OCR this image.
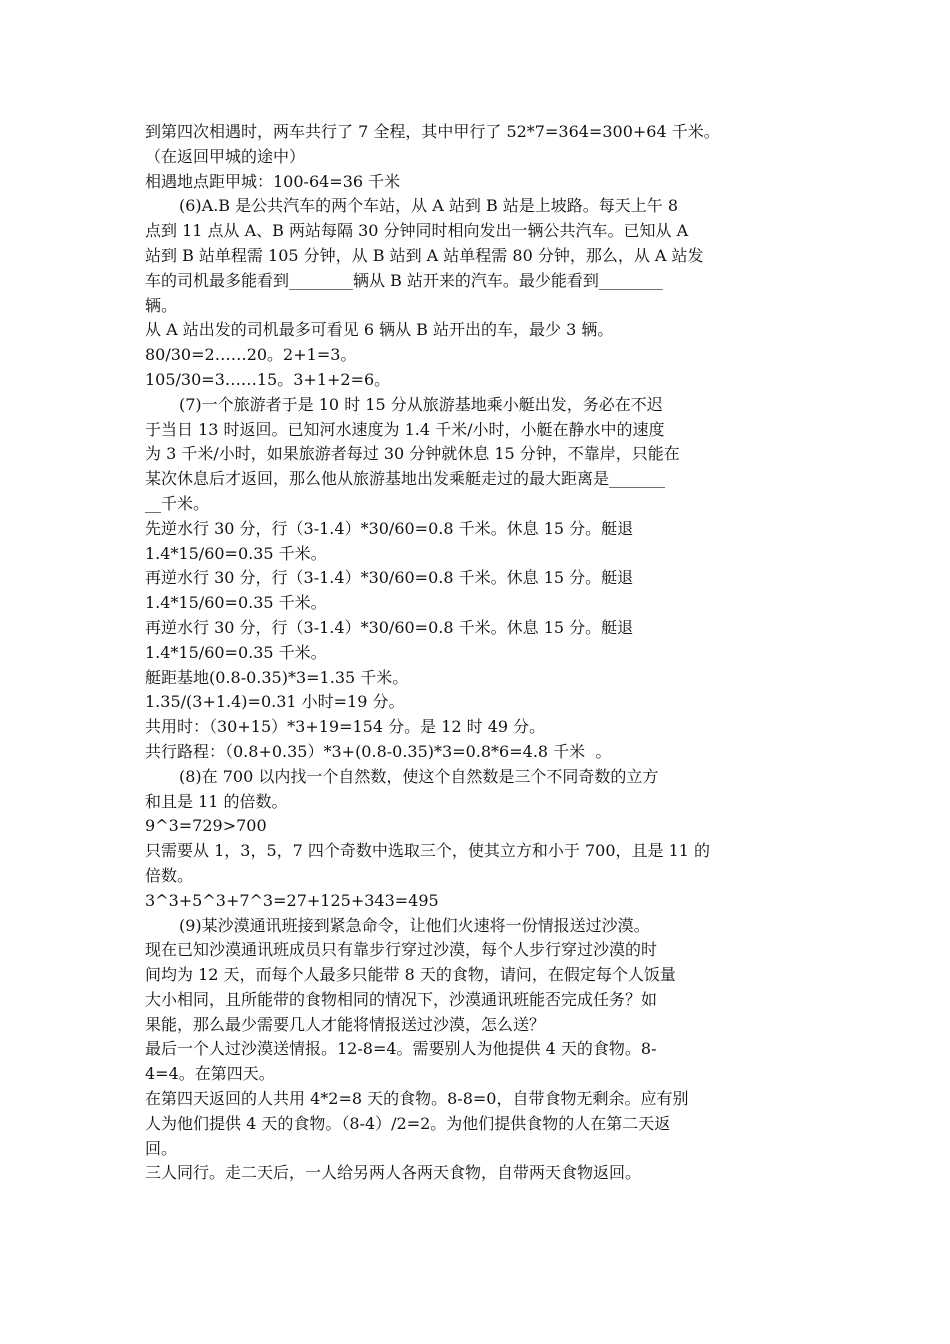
到第四次相遇时，两车共行了 7 全程，其中甲行了 52*7=364=300+64 千米。
（在返回甲城的途中）
相遇地点距甲城：100-64=36 千米
(6)A.B 是公共汽车的两个车站，从 A 站到 B 站是上坡路。每天上午 8
点到 11 点从 A、B 两站每隔 30 分钟同时相向发出一辆公共汽车。已知从 A
站到 B 站单程需 105 分钟，从 B 站到 A 站单程需 80 分钟，那么，从 A 站发
车的司机最多能看到________辆从 B 站开来的汽车。最少能看到________
辆。
从 A 站出发的司机最多可看见 6 辆从 B 站开出的车，最少 3 辆。
80/30=2……20。2+1=3。
105/30=3……15。3+1+2=6。
(7)一个旅游者于是 10 时 15 分从旅游基地乘小艇出发，务必在不迟
于当日 13 时返回。已知河水速度为 1.4 千米/小时，小艇在静水中的速度
为 3 千米/小时，如果旅游者每过 30 分钟就休息 15 分钟，不靠岸，只能在
某次休息后才返回，那么他从旅游基地出发乘艇走过的最大距离是_______
__千米。
先逆水行 30 分，行（3-1.4）*30/60=0.8 千米。休息 15 分。艇退
1.4*15/60=0.35 千米。
再逆水行 30 分，行（3-1.4）*30/60=0.8 千米。休息 15 分。艇退
1.4*15/60=0.35 千米。
再逆水行 30 分，行（3-1.4）*30/60=0.8 千米。休息 15 分。艇退
1.4*15/60=0.35 千米。
艇距基地(0.8-0.35)*3=1.35 千米。
1.35/(3+1.4)=0.31 小时=19 分。
共用时：（30+15）*3+19=154 分。是 12 时 49 分。
共行路程：（0.8+0.35）*3+(0.8-0.35)*3=0.8*6=4.8 千米  。
(8)在 700 以内找一个自然数，使这个自然数是三个不同奇数的立方
和且是 11 的倍数。
9^3=729>700
只需要从 1，3，5，7 四个奇数中选取三个，使其立方和小于 700，且是 11 的
倍数。
3^3+5^3+7^3=27+125+343=495
(9)某沙漠通讯班接到紧急命令，让他们火速将一份情报送过沙漠。
现在已知沙漠通讯班成员只有靠步行穿过沙漠，每个人步行穿过沙漠的时
间均为 12 天，而每个人最多只能带 8 天的食物，请问，在假定每个人饭量
大小相同，且所能带的食物相同的情况下，沙漠通讯班能否完成任务？如
果能，那么最少需要几人才能将情报送过沙漠，怎么送？
最后一个人过沙漠送情报。12-8=4。需要别人为他提供 4 天的食物。8-
4=4。在第四天。
在第四天返回的人共用 4*2=8 天的食物。8-8=0，自带食物无剩余。应有别
人为他们提供 4 天的食物。（8-4）/2=2。为他们提供食物的人在第二天返
回。
三人同行。走二天后，一人给另两人各两天食物，自带两天食物返回。
